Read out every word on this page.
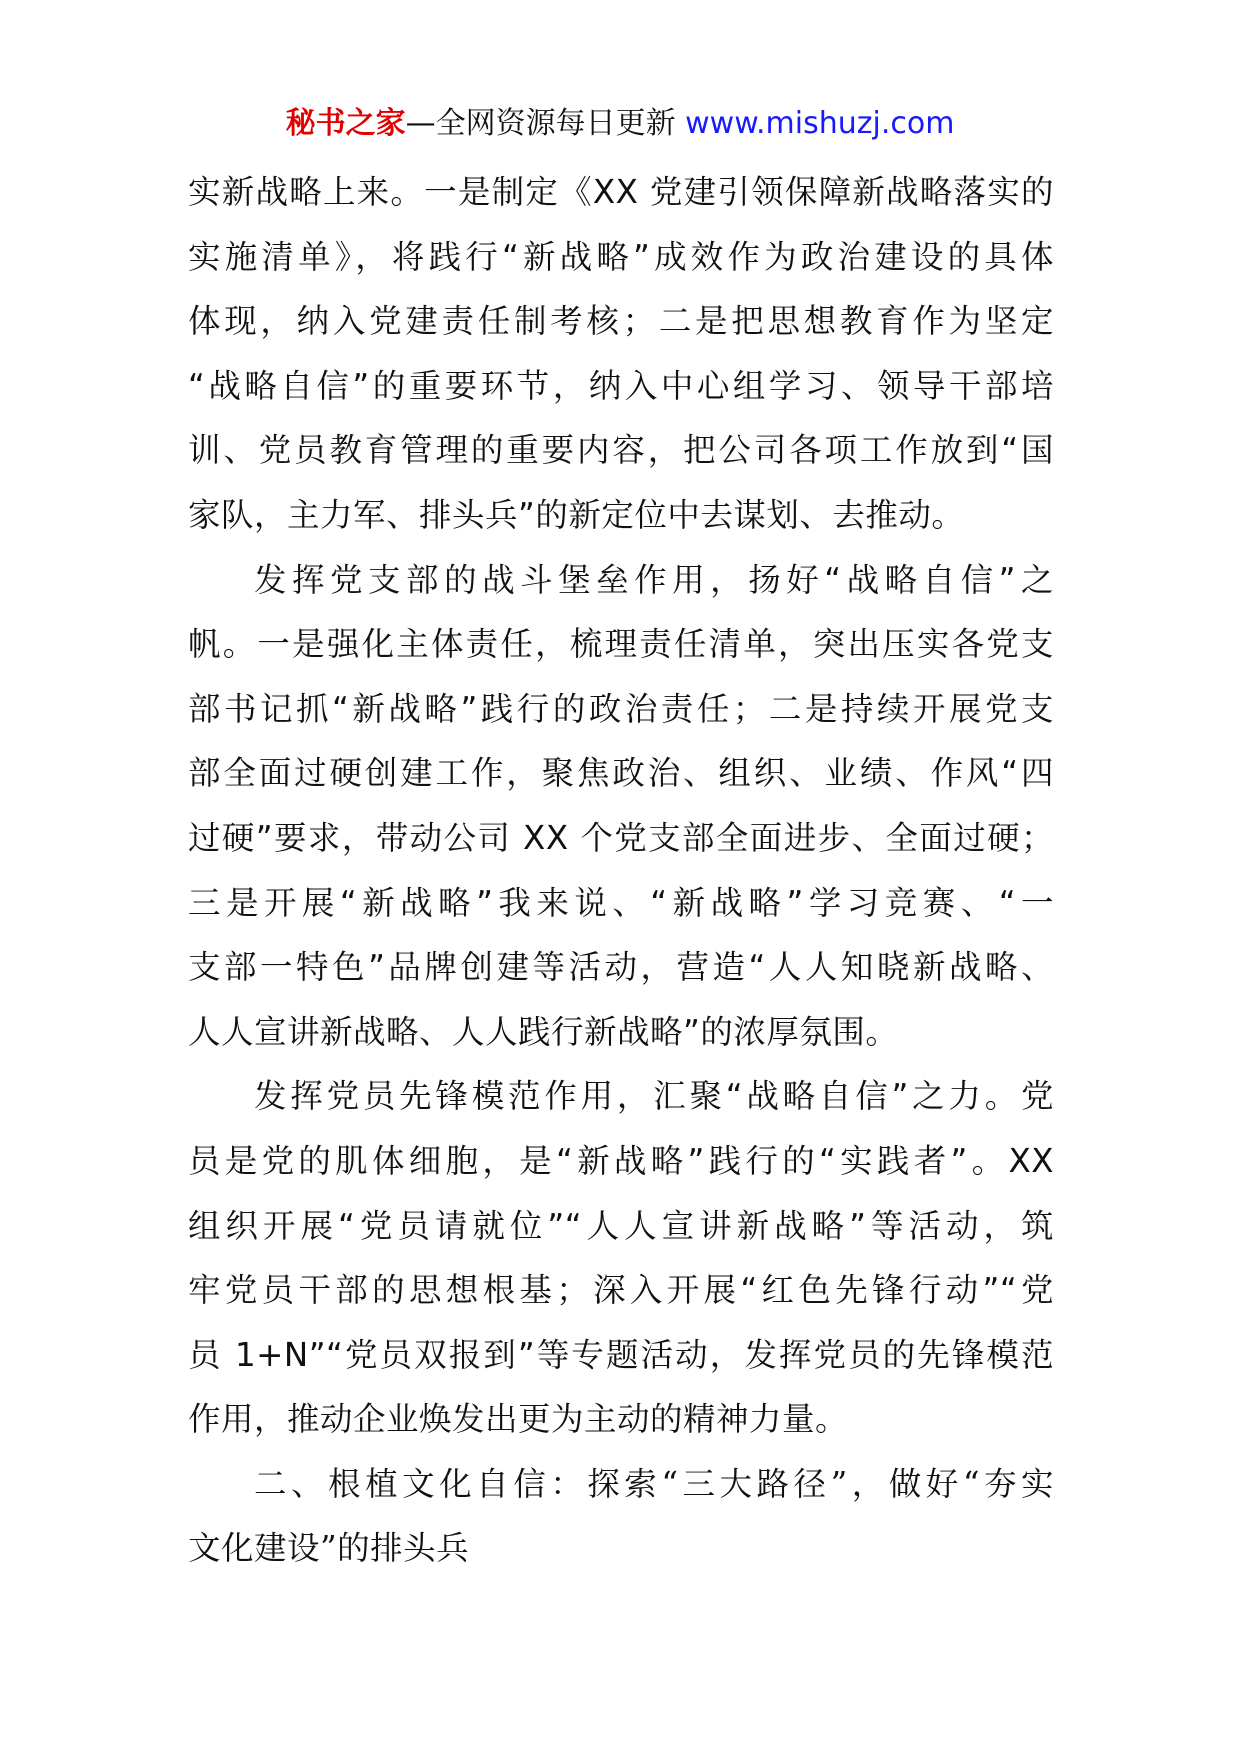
秘书之家—全网资源每日更新 www.mishuzj.com
实新战略上来。一是制定《XX 党建引领保障新战略落实的
实施清单》，将践行“新战略”成效作为政治建设的具体
体现，纳入党建责任制考核；二是把思想教育作为坚定
“战略自信”的重要环节，纳入中心组学习、领导干部培
训、党员教育管理的重要内容，把公司各项工作放到“国
家队，主力军、排头兵”的新定位中去谋划、去推动。
发挥党支部的战斗堡垒作用，扬好“战略自信”之
帆。一是强化主体责任，梳理责任清单，突出压实各党支
部书记抓“新战略”践行的政治责任；二是持续开展党支
部全面过硬创建工作，聚焦政治、组织、业绩、作风“四
过硬”要求，带动公司 XX 个党支部全面进步、全面过硬；
三是开展“新战略”我来说、“新战略”学习竞赛、“一
支部一特色”品牌创建等活动，营造“人人知晓新战略、
人人宣讲新战略、人人践行新战略”的浓厚氛围。
发挥党员先锋模范作用，汇聚“战略自信”之力。党
员是党的肌体细胞，是“新战略”践行的“实践者”。XX
组织开展“党员请就位”“人人宣讲新战略”等活动，筑
牢党员干部的思想根基；深入开展“红色先锋行动”“党
员 1+N”“党员双报到”等专题活动，发挥党员的先锋模范
作用，推动企业焕发出更为主动的精神力量。
二、根植文化自信：探索“三大路径”，做好“夯实
文化建设”的排头兵
